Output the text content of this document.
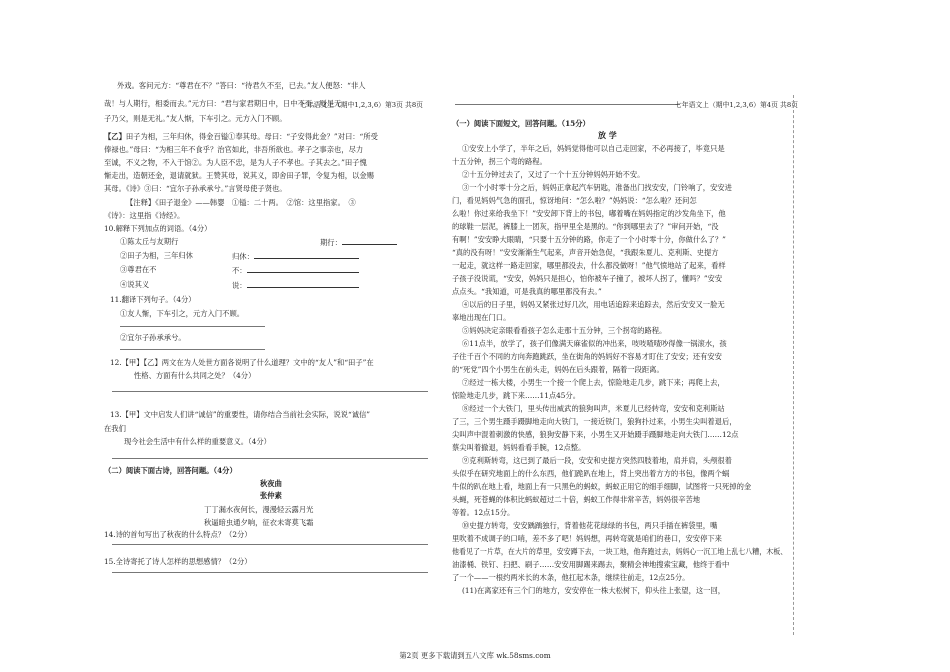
七年语文上（期中1,2,3,6）第3页 共8页	七年语文上（期中1,2,3,6）第4页 共8页
外戏。客问元方：“尊君在不？”答曰：“待君久不至，已去。”友人便怒：“非人
哉！与人期行，相委而去。”元方曰：“君与家君期日中，日中不至，则是无
子乃父，则是无礼。”友人惭，下车引之。元方入门不顾。
【乙】田子为相，三年归休，得金百镒①奉其母。母曰：“子安得此金？”对曰：“所受
俸禄也。”母曰：“为相三年不食乎？治官如此，非吾所欲也。孝子之事亲也，尽力
至诚，不义之物，不入于馆②。为人臣不忠，是为人子不孝也。子其去之。”田子愧
惭走出，造朝还金，退请就狱。王赞其母，说其义，即舍田子罪，令复为相，以金赐
其母。《诗》③曰：“宜尔子孙承承兮。”言贤母使子贤也。
【注释】《田子退金》——韩婴　①镒：二十两。　②馆：这里指家。　③
《诗》：这里指《诗经》。
10.解释下列加点的词语。（4分）
①陈太丘与友期行	期行：
②田子为相，三年归休	归休：
③尊君在不	不：
④说其义	说：
11.翻译下列句子。（4分）
①友人惭，下车引之，元方入门不顾。
②宜尔子孙承承兮。
12.【甲】【乙】两文在为人处世方面各说明了什么道理？文中的“友人”和“田子”在
性格、方面有什么共同之处？（4分）
13.【甲】文中启发人们讲“诚信”的重要性，请你结合当前社会实际，说说“诚信”
在我们
现今社会生活中有什么样的重要意义。（4分）
（二）阅读下面古诗，回答问题。（4分）
秋夜曲
张仲素
丁丁漏水夜何长，漫漫轻云露月光
秋逼暗虫通夕响，征衣未寄莫飞霜
14.诗的首句写出了秋夜的什么特点？（2分）
15.全诗寄托了诗人怎样的思想感情？（2分）
（一）阅读下面短文，回答问题。（15分）
放 学
①安安上小学了，半年之后，妈妈觉得他可以自己走回家，不必再接了，毕竟只是
十五分钟，拐三个弯的路程。
②十五分钟过去了，又过了一个十五分钟妈妈开始不安。
③一个小时零十分之后，妈妈正拿起汽车钥匙，准备出门找安安，门铃响了，安安进
门，看见妈妈气急的面孔，惊讶地问：“怎么啦？”妈妈说：“怎么啦？还问怎
么啦！你过来给我坐下！”安安卸下背上的书包，嘟着嘴在妈妈指定的沙发角坐下，他
的球鞋一层泥，裤膝上一团灰，指甲里全是黑的。“你到哪里去了？”审问开始，“没
有啊！”安安睁大眼睛，“只要十五分钟的路，你走了一个小时零十分，你做什么了？”
“真的没有呀！”安安渐渐生气起来，声音开始急促，“我跟朱夏儿、克利斯、史提方
一起走，就这样一路走回家，哪里都没去，什么都没做呀！”他气愤地站了起来，看样
子孩子没说谎，“安安，妈妈只是担心，怕你被车子撞了，被坏人拐了，懂吗？”安安
点点头。“我知道，可是我真的哪里都没有去。”
④以后的日子里，妈妈又紧张过好几次，用电话追踪来追踪去，然后安安又一脸无
辜地出现在门口。
⑤妈妈决定亲眼看看孩子怎么走那十五分钟，三个拐弯的路程。
⑥11点半，放学了，孩子们像满天麻雀似的冲出来，吱吱喳喳吵得像一锅滚水，孩
子往千百个不同的方向奔跑跳跃，坐在街角的妈妈好不容易才盯住了安安；还有安安
的“死党”四个小男生在前头走，妈妈在后头跟着，隔着一段距离。
⑦经过一栋大楼，小男生一个接一个爬上去，惊险地走几步，跳下来；再爬上去，
惊险地走几步，跳下来……11点45分。
⑧经过一个大铁门，里头传出威武的狼狗叫声，米夏儿已经转弯，安安和克利斯站
了三，三个男生蹑手蹑脚地走向大铁门，一接近铁门，狼狗扑过来，小男生尖叫着退后，
尖叫声中混着刺激的快感，狼狗安静下来，小男生又开始蹑手蹑脚地走向大铁门……12点
蔡尖叫着撤退，妈妈看看手腕，12点整。
⑨克利斯转弯，这已到了最后一段，安安和史提方突然四肢着地，肩并肩，头颅很着
头似乎在研究地面上的什么东西，他们跪趴在地上，背上突出着方方的书包，像两个蜗
牛似的趴在地上看，地面上有一只黑色的蚂蚁，蚂蚁正用它的细手细脚，试图将一只死掉的金
头蝇，死苍蝇的体积比蚂蚁超过二十倍，蚂蚁工作得非常辛苦，妈妈很辛苦地
等着。12点15分。
⑩史提方转弯，安安踽踽独行，背着他花花绿绿的书包，两只手插在裤袋里，嘴
里吹着不成调子的口哨，差不多了吧！妈妈想，再转弯就是咱们的巷口，安安停下来
他看见了一片草，在大片的草里，安安蹲下去，一块工地，他奔跑过去，妈妈心一沉工地上乱七八糟，木板、
油漆桶、铁钉、扫把、刷子……安安用脚踢来踢去，聚精会神地搜索宝藏，他终于看中
了一个——一根约两米长的木条，他扛起木条，继续往前走，12点25分。
(11)在离家还有三个门的地方，安安停在一株大松树下，仰头往上张望，这一回，
第2页 更多下载请到五八文库 wk.58sms.com
